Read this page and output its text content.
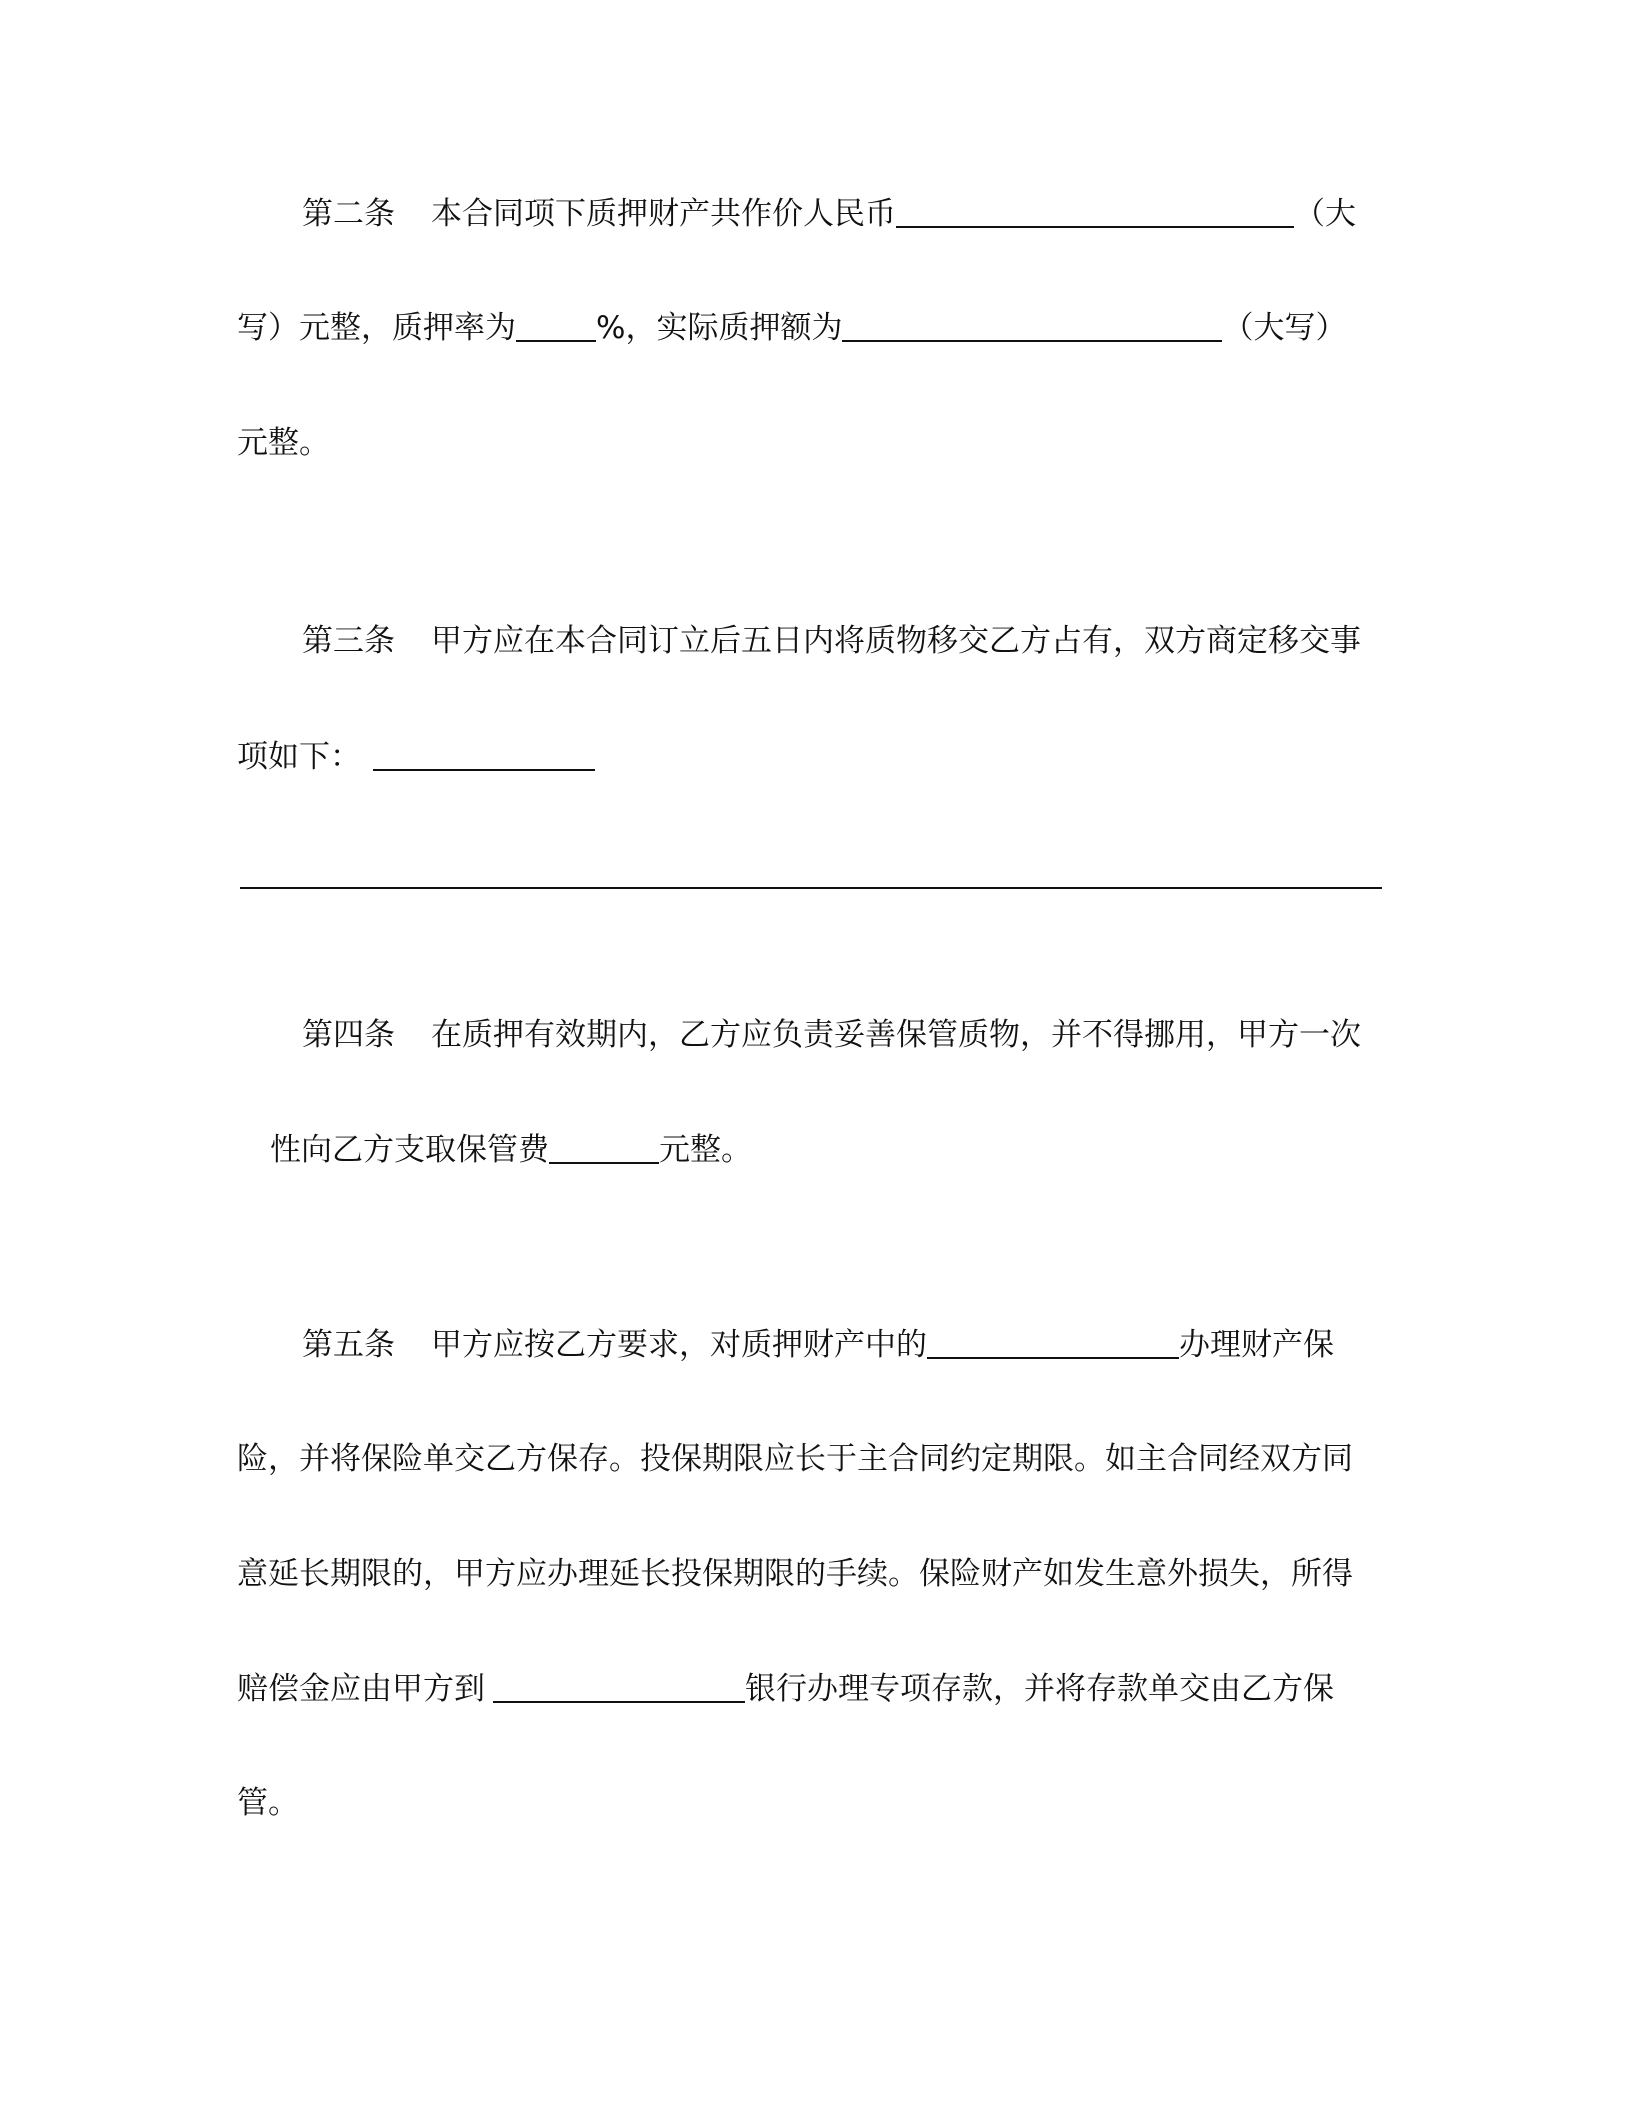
第二条 本合同项下质押财产共作价人民币	（大
写）元整，质押率为	%，实际质押额为	（大写）
元整。
第三条 甲方应在本合同订立后五日内将质物移交乙方占有，双方商定移交事
项如下：
第四条 在质押有效期内，乙方应负责妥善保管质物，并不得挪用，甲方一次
性向乙方支取保管费	元整。
第五条 甲方应按乙方要求，对质押财产中的	办理财产保
险，并将保险单交乙方保存。投保期限应长于主合同约定期限。如主合同经双方同
意延长期限的，甲方应办理延长投保期限的手续。保险财产如发生意外损失，所得
赔偿金应由甲方到	银行办理专项存款，并将存款单交由乙方保
管。
